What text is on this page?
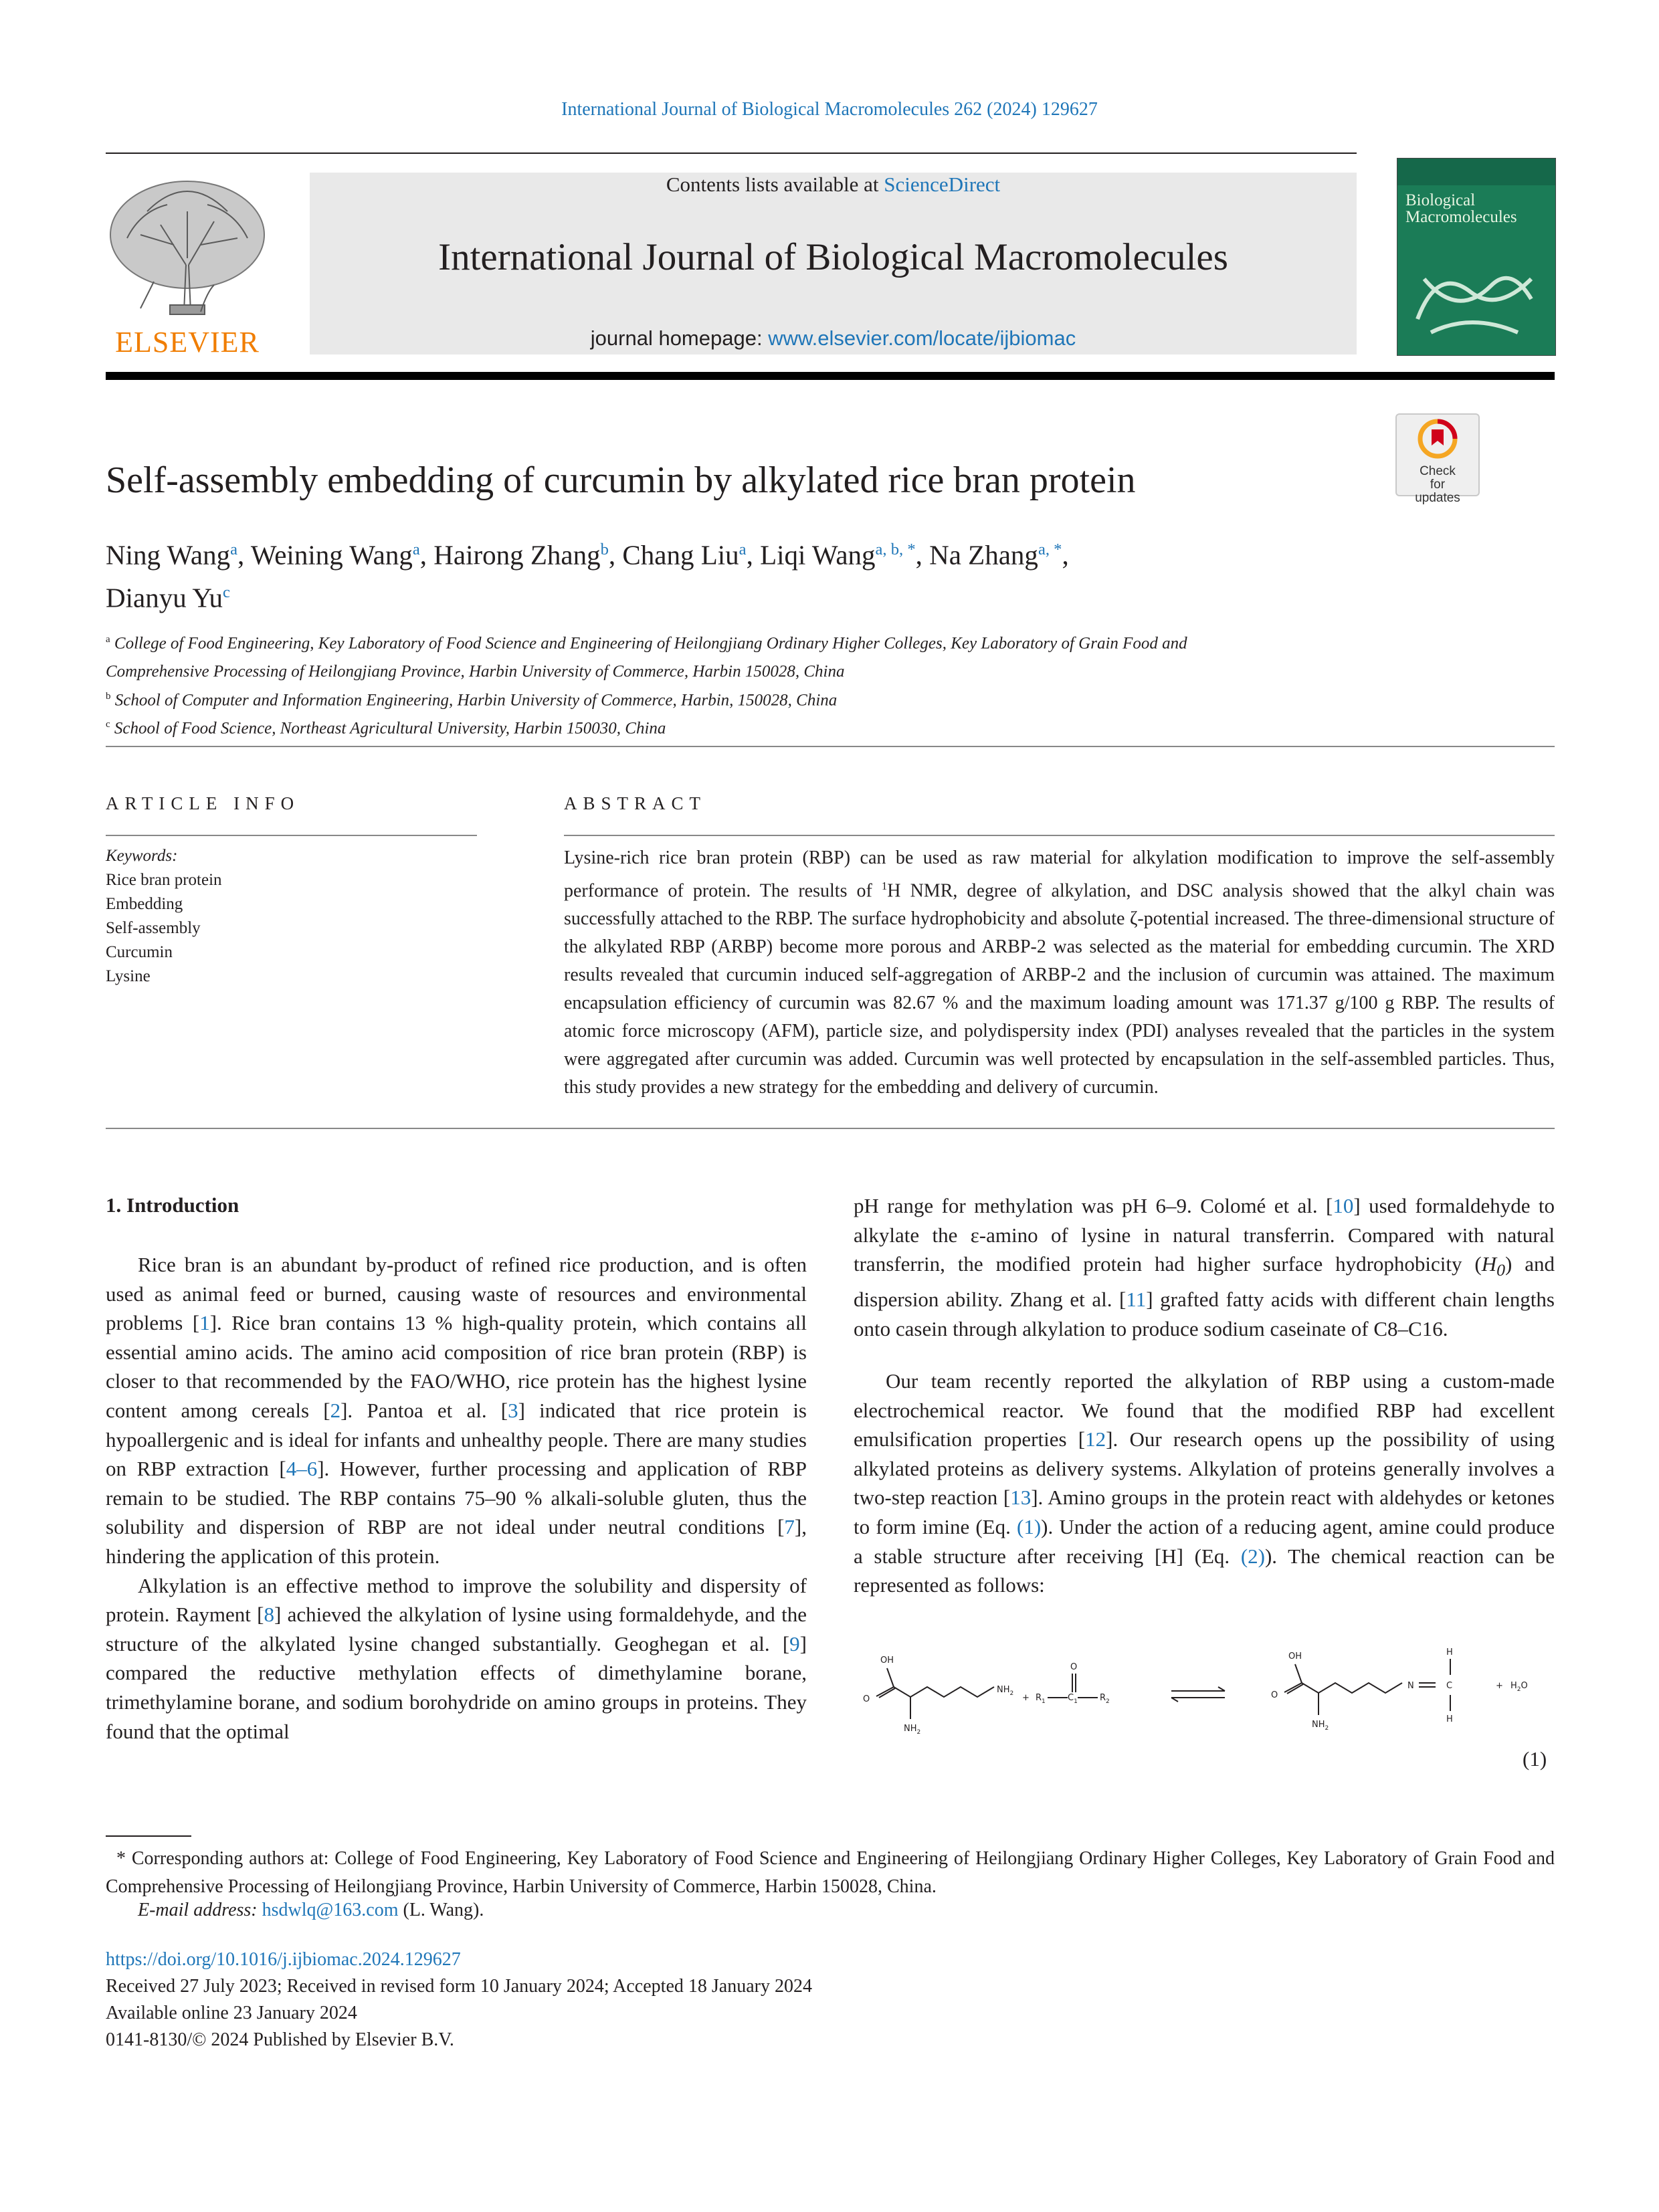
International Journal of Biological Macromolecules 262 (2024) 129627
Contents lists available at ScienceDirect
International Journal of Biological Macromolecules
journal homepage: www.elsevier.com/locate/ijbiomac
ELSEVIER
Biological Macromolecules
Check for updates
Self-assembly embedding of curcumin by alkylated rice bran protein
Ning Wang$^a$, Weining Wang$^a$, Hairong Zhang$^b$, Chang Liu$^a$, Liqi Wang$^{a, b, *}$, Na Zhang$^{a, *}$,
Dianyu Yu$^c$
$^a$ College of Food Engineering, Key Laboratory of Food Science and Engineering of Heilongjiang Ordinary Higher Colleges, Key Laboratory of Grain Food and
Comprehensive Processing of Heilongjiang Province, Harbin University of Commerce, Harbin 150028, China
$^b$ School of Computer and Information Engineering, Harbin University of Commerce, Harbin, 150028, China
$^c$ School of Food Science, Northeast Agricultural University, Harbin 150030, China
ARTICLE INFO	ABSTRACT
Keywords:
Rice bran protein
Embedding
Self-assembly
Curcumin
Lysine
Lysine-rich rice bran protein (RBP) can be used as raw material for alkylation modification to improve the self-assembly performance of protein. The results of $^1$H NMR, degree of alkylation, and DSC analysis showed that the alkyl chain was successfully attached to the RBP. The surface hydrophobicity and absolute ζ-potential increased. The three-dimensional structure of the alkylated RBP (ARBP) become more porous and ARBP-2 was selected as the material for embedding curcumin. The XRD results revealed that curcumin induced self-aggregation of ARBP-2 and the inclusion of curcumin was attained. The maximum encapsulation efficiency of curcumin was 82.67 % and the maximum loading amount was 171.37 g/100 g RBP. The results of atomic force microscopy (AFM), particle size, and polydispersity index (PDI) analyses revealed that the particles in the system were aggregated after curcumin was added. Curcumin was well protected by encapsulation in the self-assembled particles. Thus, this study provides a new strategy for the embedding and delivery of curcumin.
1. Introduction

Rice bran is an abundant by-product of refined rice production, and is often used as animal feed or burned, causing waste of resources and environmental problems [1]. Rice bran contains 13 % high-quality protein, which contains all essential amino acids. The amino acid composition of rice bran protein (RBP) is closer to that recommended by the FAO/WHO, rice protein has the highest lysine content among cereals [2]. Pantoa et al. [3] indicated that rice protein is hypoallergenic and is ideal for infants and unhealthy people. There are many studies on RBP extraction [4–6]. However, further processing and application of RBP remain to be studied. The RBP contains 75–90 % alkali-soluble gluten, thus the solubility and dispersion of RBP are not ideal under neutral conditions [7], hindering the application of this protein.

Alkylation is an effective method to improve the solubility and dispersity of protein. Rayment [8] achieved the alkylation of lysine using formaldehyde, and the structure of the alkylated lysine changed substantially. Geoghegan et al. [9] compared the reductive methylation effects of dimethylamine borane, trimethylamine borane, and sodium borohydride on amino groups in proteins. They found that the optimal

pH range for methylation was pH 6–9. Colomé et al. [10] used formaldehyde to alkylate the ε-amino of lysine in natural transferrin. Compared with natural transferrin, the modified protein had higher surface hydrophobicity $(H_0)$ and dispersion ability. Zhang et al. [11] grafted fatty acids with different chain lengths onto casein through alkylation to produce sodium caseinate of C8–C16.

Our team recently reported the alkylation of RBP using a custom-made electrochemical reactor. We found that the modified RBP had excellent emulsification properties [12]. Our research opens up the possibility of using alkylated proteins as delivery systems. Alkylation of proteins generally involves a two-step reaction [13]. Amino groups in the protein react with aldehydes or ketones to form imine (Eq. (1)). Under the action of a reducing agent, amine could produce a stable structure after receiving [H] (Eq. (2)). The chemical reaction can be represented as follows:

OH
O
$NH_2$
$NH_2 + R_1$	$C_1$	$R_2$
O
OH
O
$NH_2$
N	C
H
H
+ $H_2O$
(1)
* Corresponding authors at: College of Food Engineering, Key Laboratory of Food Science and Engineering of Heilongjiang Ordinary Higher Colleges, Key Laboratory of Grain Food and Comprehensive Processing of Heilongjiang Province, Harbin University of Commerce, Harbin 150028, China.
E-mail address: hsdwlq@163.com (L. Wang).
https://doi.org/10.1016/j.ijbiomac.2024.129627
Received 27 July 2023; Received in revised form 10 January 2024; Accepted 18 January 2024
Available online 23 January 2024
0141-8130/© 2024 Published by Elsevier B.V.
